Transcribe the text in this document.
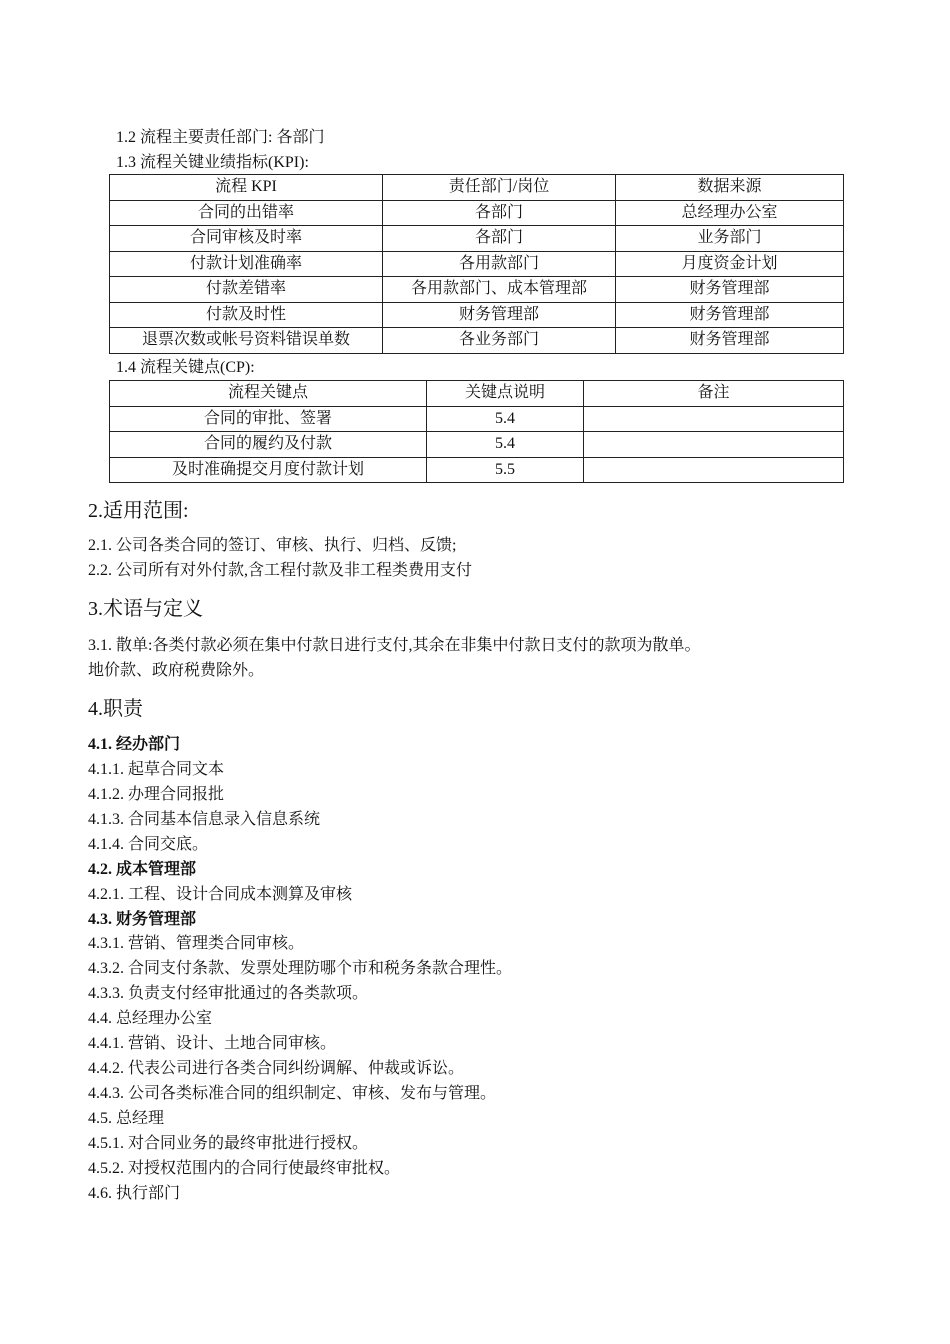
1.2 流程主要责任部门: 各部门
1.3 流程关键业绩指标(KPI):
流程 KPI	责任部门/岗位	数据来源
合同的出错率	各部门	总经理办公室
合同审核及时率	各部门	业务部门
付款计划准确率	各用款部门	月度资金计划
付款差错率	各用款部门、成本管理部	财务管理部
付款及时性	财务管理部	财务管理部
退票次数或帐号资料错误单数	各业务部门	财务管理部
1.4 流程关键点(CP):
流程关键点	关键点说明	备注
合同的审批、签署	5.4	
合同的履约及付款	5.4	
及时准确提交月度付款计划	5.5	
2.适用范围:
2.1. 公司各类合同的签订、审核、执行、归档、反馈;
2.2. 公司所有对外付款,含工程付款及非工程类费用支付
3.术语与定义
3.1. 散单:各类付款必须在集中付款日进行支付,其余在非集中付款日支付的款项为散单。
地价款、政府税费除外。
4.职责
4.1. 经办部门
4.1.1. 起草合同文本
4.1.2. 办理合同报批
4.1.3. 合同基本信息录入信息系统
4.1.4. 合同交底。
4.2. 成本管理部
4.2.1. 工程、设计合同成本测算及审核
4.3. 财务管理部
4.3.1. 营销、管理类合同审核。
4.3.2. 合同支付条款、发票处理防哪个市和税务条款合理性。
4.3.3. 负责支付经审批通过的各类款项。
4.4. 总经理办公室
4.4.1. 营销、设计、土地合同审核。
4.4.2. 代表公司进行各类合同纠纷调解、仲裁或诉讼。
4.4.3. 公司各类标准合同的组织制定、审核、发布与管理。
4.5. 总经理
4.5.1. 对合同业务的最终审批进行授权。
4.5.2. 对授权范围内的合同行使最终审批权。
4.6. 执行部门
